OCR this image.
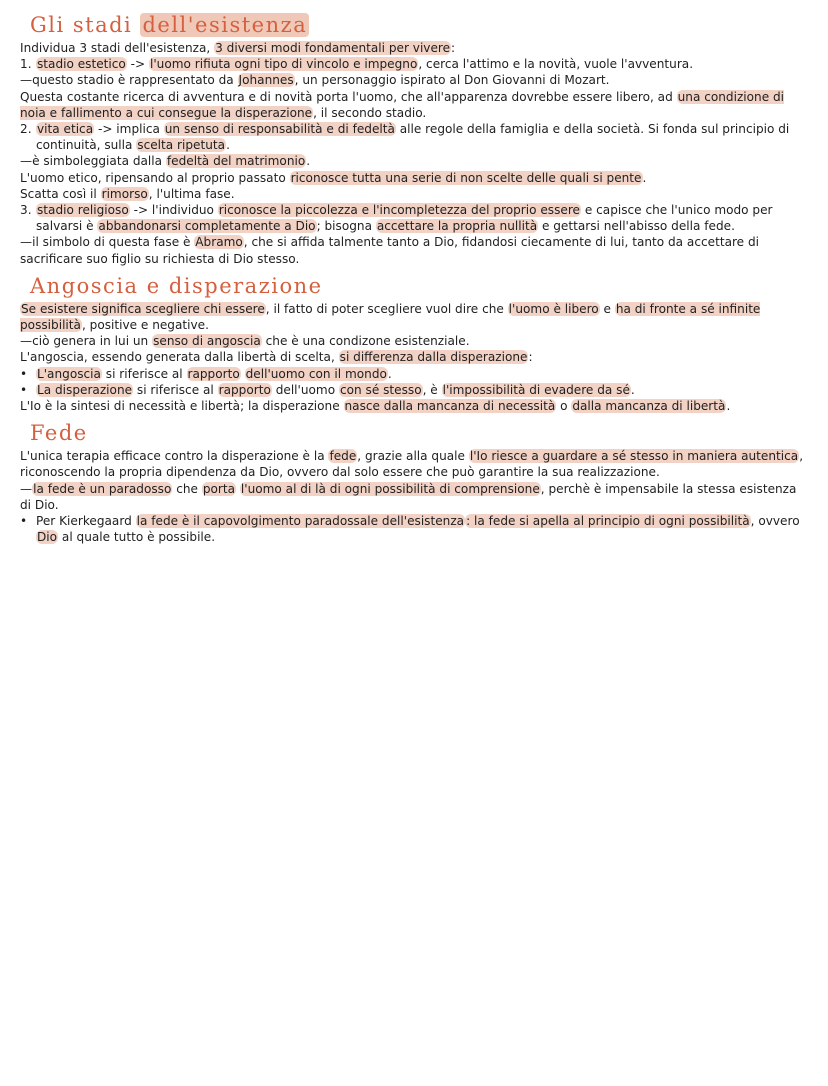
Gli stadi dell'esistenza

Individua 3 stadi dell'esistenza, 3 diversi modi fondamentali per vivere:

1. stadio estetico -> l'uomo rifiuta ogni tipo di vincolo e impegno, cerca l'attimo e la novità, vuole l'avventura.

—questo stadio è rappresentato da Johannes, un personaggio ispirato al Don Giovanni di Mozart.

Questa costante ricerca di avventura e di novità porta l'uomo, che all'apparenza dovrebbe essere libero, ad una condizione di noia e fallimento a cui consegue la disperazione, il secondo stadio.

2. vita etica -> implica un senso di responsabilità e di fedeltà alle regole della famiglia e della società. Si fonda sul principio di continuità, sulla scelta ripetuta.

—è simboleggiata dalla fedeltà del matrimonio.

L'uomo etico, ripensando al proprio passato riconosce tutta una serie di non scelte delle quali si pente.

Scatta così il rimorso, l'ultima fase.

3. stadio religioso -> l'individuo riconosce la piccolezza e l'incompletezza del proprio essere e capisce che l'unico modo per salvarsi è abbandonarsi completamente a Dio; bisogna accettare la propria nullità e gettarsi nell'abisso della fede.

—il simbolo di questa fase è Abramo, che si affida talmente tanto a Dio, fidandosi ciecamente di lui, tanto da accettare di sacrificare suo figlio su richiesta di Dio stesso.

Angoscia e disperazione

Se esistere significa scegliere chi essere, il fatto di poter scegliere vuol dire che l'uomo è libero e ha di fronte a sé infinite possibilità, positive e negative.

—ciò genera in lui un senso di angoscia che è una condizone esistenziale.

L'angoscia, essendo generata dalla libertà di scelta, si differenza dalla disperazione:

• L'angoscia si riferisce al rapporto dell'uomo con il mondo.

• La disperazione si riferisce al rapporto dell'uomo con sé stesso, è l'impossibilità di evadere da sé.

L'Io è la sintesi di necessità e libertà; la disperazione nasce dalla mancanza di necessità o dalla mancanza di libertà.

Fede

L'unica terapia efficace contro la disperazione è la fede, grazie alla quale l'Io riesce a guardare a sé stesso in maniera autentica, riconoscendo la propria dipendenza da Dio, ovvero dal solo essere che può garantire la sua realizzazione.

—la fede è un paradosso che porta l'uomo al di là di ogni possibilità di comprensione, perchè è impensabile la stessa esistenza di Dio.

• Per Kierkegaard la fede è il capovolgimento paradossale dell'esistenza : la fede si apella al principio di ogni possibilità, ovvero Dio al quale tutto è possibile.
